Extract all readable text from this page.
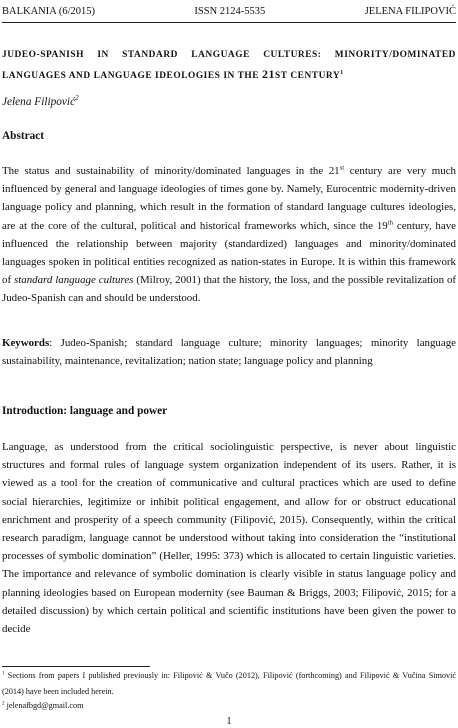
BALKANIA (6/2015)	ISSN 2124-5535	JELENA FILIPOVIĆ
JUDEO-SPANISH IN STANDARD LANGUAGE CULTURES: MINORITY/DOMINATED LANGUAGES AND LANGUAGE IDEOLOGIES IN THE 21ST CENTURY$^1$
Jelena Filipović$^2$
Abstract
The status and sustainability of minority/dominated languages in the 21st century are very much influenced by general and language ideologies of times gone by. Namely, Eurocentric modernity-driven language policy and planning, which result in the formation of standard language cultures ideologies, are at the core of the cultural, political and historical frameworks which, since the 19th century, have influenced the relationship between majority (standardized) languages and minority/dominated languages spoken in political entities recognized as nation-states in Europe. It is within this framework of standard language cultures (Milroy, 2001) that the history, the loss, and the possible revitalization of Judeo-Spanish can and should be understood.
Keywords: Judeo-Spanish; standard language culture; minority languages; minority language sustainability, maintenance, revitalization; nation state; language policy and planning
Introduction: language and power
Language, as understood from the critical sociolinguistic perspective, is never about linguistic structures and formal rules of language system organization independent of its users. Rather, it is viewed as a tool for the creation of communicative and cultural practices which are used to define social hierarchies, legitimize or inhibit political engagement, and allow for or obstruct educational enrichment and prosperity of a speech community (Filipović, 2015). Consequently, within the critical research paradigm, language cannot be understood without taking into consideration the “institutional processes of symbolic domination” (Heller, 1995: 373) which is allocated to certain linguistic varieties. The importance and relevance of symbolic domination is clearly visible in status language policy and planning ideologies based on European modernity (see Bauman & Briggs, 2003; Filipović, 2015; for a detailed discussion) by which certain political and scientific institutions have been given the power to decide
$^1$ Sections from papers I published previously in: Filipović & Vučo (2012), Filipović (forthcoming) and Filipović & Vučina Simović (2014) have been included herein.
$^2$ jelenafbgd@gmail.com
1
